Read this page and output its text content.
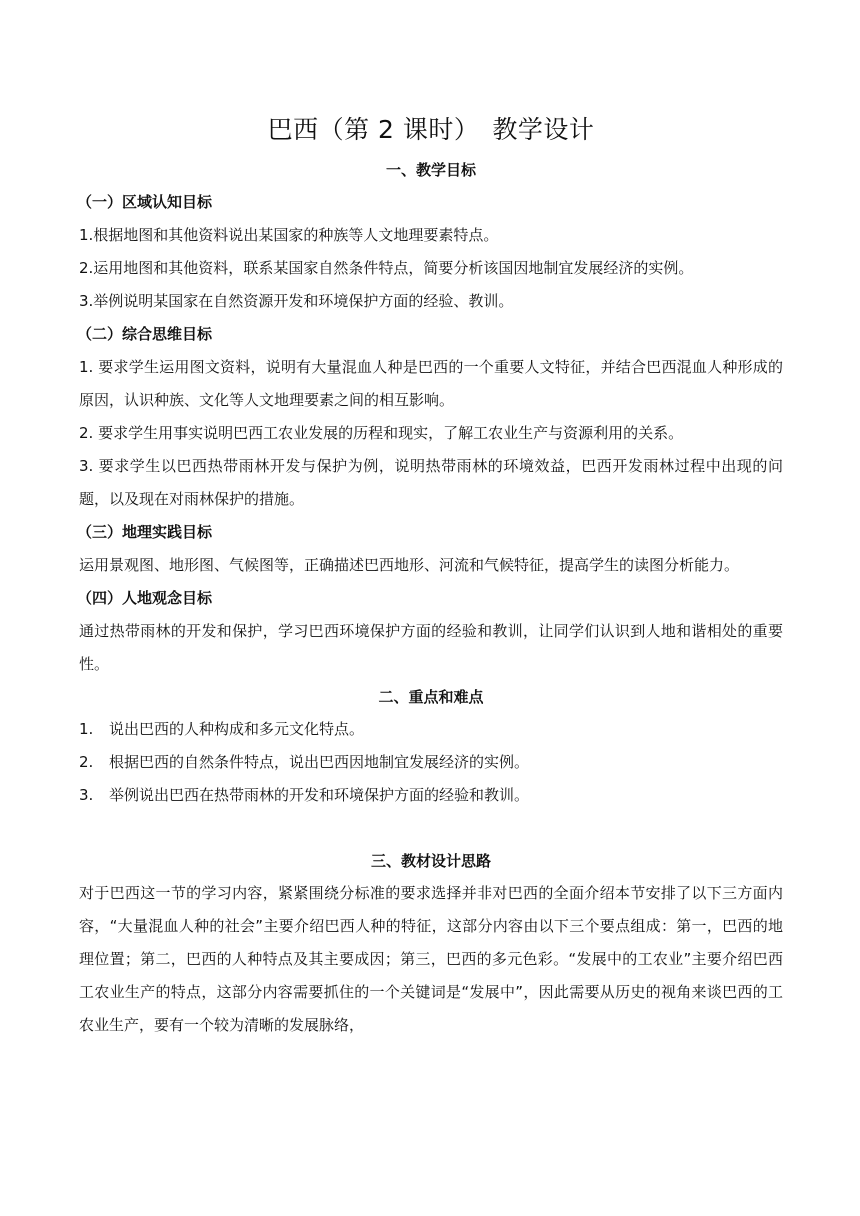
巴西（第 2 课时）　教学设计
一、教学目标
（一）区域认知目标

1.根据地图和其他资料说出某国家的种族等人文地理要素特点。

2.运用地图和其他资料，联系某国家自然条件特点，简要分析该国因地制宜发展经济的实例。

3.举例说明某国家在自然资源开发和环境保护方面的经验、教训。

（二）综合思维目标

1. 要求学生运用图文资料，说明有大量混血人种是巴西的一个重要人文特征，并结合巴西混血人种形成的原因，认识种族、文化等人文地理要素之间的相互影响。

2. 要求学生用事实说明巴西工农业发展的历程和现实，了解工农业生产与资源利用的关系。

3. 要求学生以巴西热带雨林开发与保护为例，说明热带雨林的环境效益，巴西开发雨林过程中出现的问题，以及现在对雨林保护的措施。

（三）地理实践目标

运用景观图、地形图、气候图等，正确描述巴西地形、河流和气候特征，提高学生的读图分析能力。

（四）人地观念目标

通过热带雨林的开发和保护，学习巴西环境保护方面的经验和教训，让同学们认识到人地和谐相处的重要性。

二、重点和难点
1.	说出巴西的人种构成和多元文化特点。
2.	根据巴西的自然条件特点，说出巴西因地制宜发展经济的实例。
3.	举例说出巴西在热带雨林的开发和环境保护方面的经验和教训。
三、教材设计思路

对于巴西这一节的学习内容，紧紧围绕分标准的要求选择并非对巴西的全面介绍本节安排了以下三方面内容，“大量混血人种的社会”主要介绍巴西人种的特征，这部分内容由以下三个要点组成：第一，巴西的地理位置；第二，巴西的人种特点及其主要成因；第三，巴西的多元色彩。“发展中的工农业”主要介绍巴西工农业生产的特点，这部分内容需要抓住的一个关键词是“发展中”，因此需要从历史的视角来谈巴西的工农业生产，要有一个较为清晰的发展脉络，
